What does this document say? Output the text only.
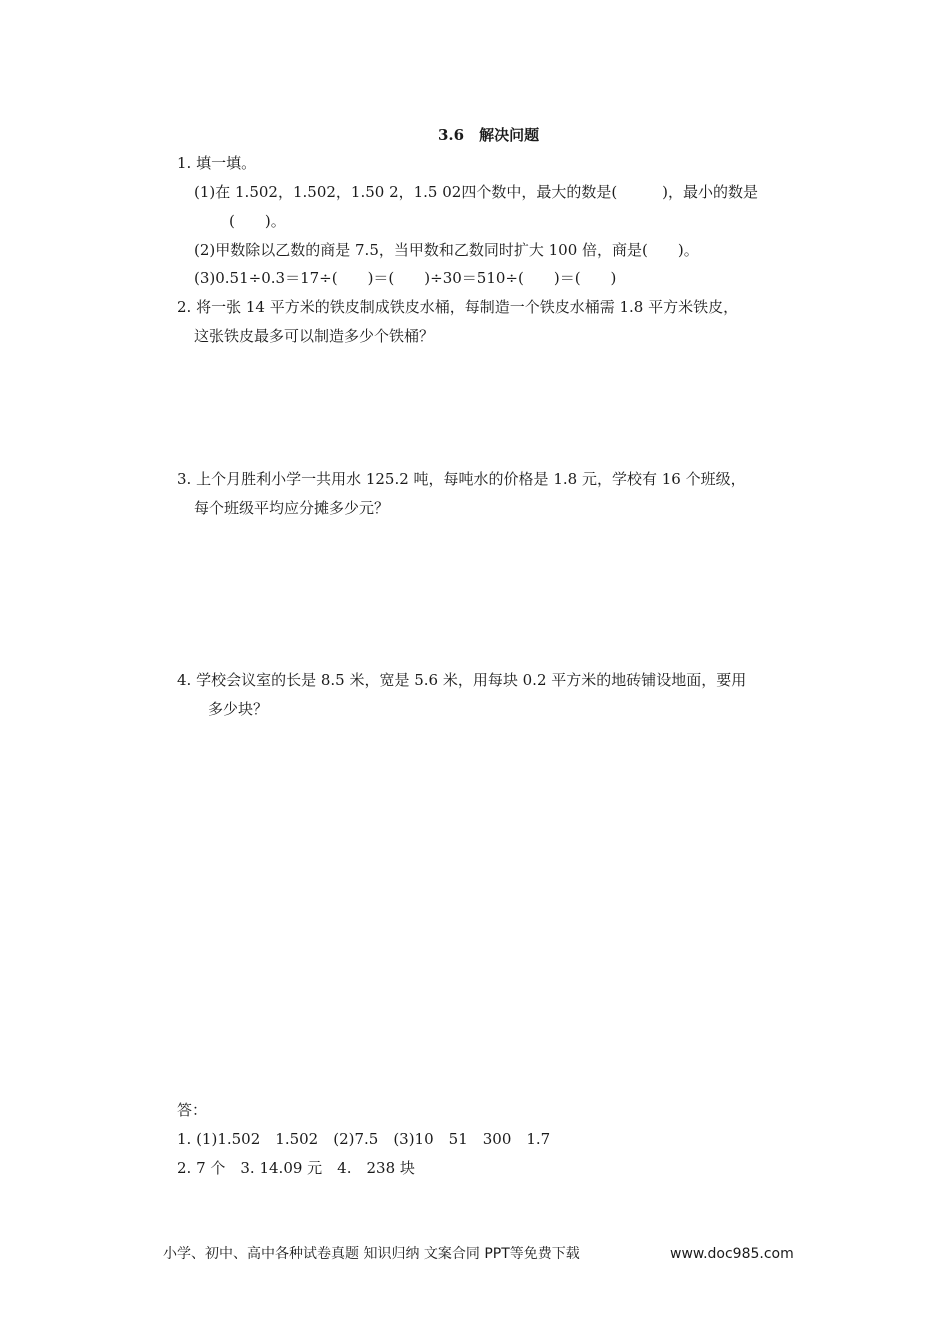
3.6　解决问题
1. 填一填。
(1)在 1.502，1.502，1.50 2，1.5 02四个数中，最大的数是(　　　)，最小的数是
(　　)。
(2)甲数除以乙数的商是 7.5，当甲数和乙数同时扩大 100 倍，商是(　　)。
(3)0.51÷0.3＝17÷(　　)＝(　　)÷30＝510÷(　　)＝(　　)
2. 将一张 14 平方米的铁皮制成铁皮水桶，每制造一个铁皮水桶需 1.8 平方米铁皮，
这张铁皮最多可以制造多少个铁桶？
3. 上个月胜利小学一共用水 125.2 吨，每吨水的价格是 1.8 元，学校有 16 个班级，
每个班级平均应分摊多少元？
4. 学校会议室的长是 8.5 米，宽是 5.6 米，用每块 0.2 平方米的地砖铺设地面，要用
多少块？
答：
1. (1)1.502　1.502　(2)7.5　(3)10　51　300　1.7
2. 7 个　3. 14.09 元　4.　238 块
小学、初中、高中各种试卷真题 知识归纳 文案合同 PPT等免费下载	www.doc985.com
